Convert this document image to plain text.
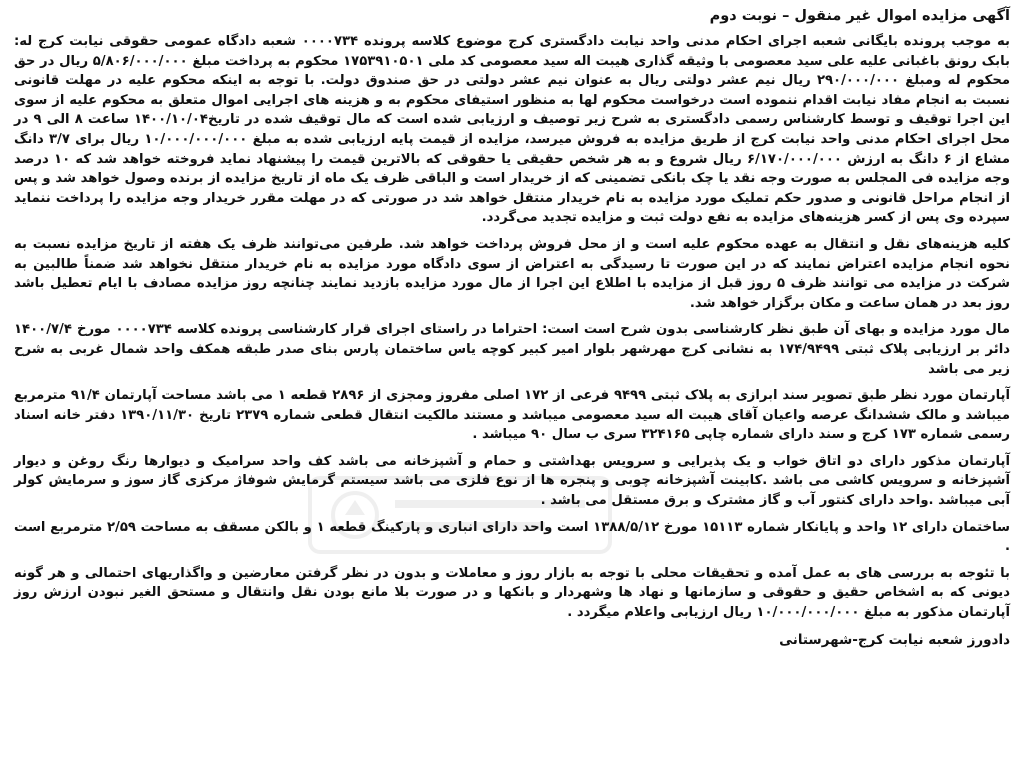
آگهی مزایده اموال غیر منقول – نوبت دوم

به موجب پرونده بایگانی شعبه اجرای احکام مدنی واحد نیابت دادگستری کرج موضوع کلاسه پرونده ۰۰۰۰۷۳۴ شعبه دادگاه عمومی حقوقی نیابت کرج له: بابک رونق باغبانی علیه علی سید معصومی با وثیقه گذاری هیبت اله سید معصومی کد ملی ۱۷۵۳۹۱۰۵۰۱ محکوم به پرداخت مبلغ ۵/۸۰۶/۰۰۰/۰۰۰ ریال در حق محکوم له ومبلغ ۲۹۰/۰۰۰/۰۰۰ ریال نیم عشر دولتی ریال به عنوان نیم عشر دولتی در حق صندوق دولت. با توجه به اینکه محکوم علیه در مهلت قانونی نسبت به انجام مفاد نیابت اقدام ننموده است درخواست محکوم لها به منظور استیفای محکوم به و هزینه های اجرایی اموال متعلق به محکوم علیه از سوی این اجرا توقیف و توسط کارشناس رسمی دادگستری به شرح زیر توصیف و ارزیابی شده است که مال توقیف شده در تاریخ۱۴۰۰/۱۰/۰۴ ساعت ۸ الی ۹ در محل اجرای احکام مدنی واحد نیابت کرج از طریق مزایده به فروش میرسد، مزایده از قیمت پایه ارزیابی شده به مبلغ ۱۰/۰۰۰/۰۰۰/۰۰۰ ریال برای ۳/۷ دانگ مشاع از ۶ دانگ به ارزش ۶/۱۷۰/۰۰۰/۰۰۰ ریال شروع و به هر شخص حقیقی یا حقوقی که بالاترین قیمت را پیشنهاد نماید فروخته خواهد شد که ۱۰ درصد وجه مزایده فی المجلس به صورت وجه نقد یا چک بانکی تضمینی که از خریدار است و الباقی ظرف یک ماه از تاریخ مزایده از برنده وصول خواهد شد و پس از انجام مراحل قانونی و صدور حکم تملیک مورد مزایده به نام خریدار منتقل خواهد شد در صورتی که در مهلت مقرر خریدار وجه مزایده را پرداخت ننماید سپرده وی پس از کسر هزینه‌های مزایده به نفع دولت ثبت و مزایده تجدید می‌گردد.

کلیه هزینه‌های نقل و انتقال به عهده محکوم علیه است و از محل فروش پرداخت خواهد شد. طرفین می‌توانند ظرف یک هفته از تاریخ مزایده نسبت به نحوه انجام مزایده اعتراض نمایند که در این صورت تا رسیدگی به اعتراض از سوی دادگاه مورد مزایده به نام خریدار منتقل نخواهد شد ضمناً طالبین به شرکت در مزایده می توانند ظرف ۵ روز قبل از مزایده با اطلاع این اجرا از مال مورد مزایده بازدید نمایند چنانچه روز مزایده مصادف با ایام تعطیل باشد روز بعد در همان ساعت و مکان برگزار خواهد شد.

مال مورد مزایده و بهای آن طبق نظر کارشناسی بدون شرح است است: احتراما در راستای اجرای قرار کارشناسی پرونده کلاسه ۰۰۰۰۷۳۴ مورخ ۱۴۰۰/۷/۴ دائر بر ارزیابی پلاک ثبتی ۱۷۴/۹۴۹۹ به نشانی کرج مهرشهر بلوار امیر کبیر کوچه یاس ساختمان پارس بنای صدر طبقه همکف واحد شمال غربی به شرح زیر می باشد

آپارتمان مورد نظر طبق تصویر سند ابرازی به پلاک ثبتی ۹۴۹۹ فرعی از ۱۷۲ اصلی مفروز ومجزی از ۲۸۹۶ قطعه ۱ می باشد مساحت آپارتمان ۹۱/۴ مترمربع میباشد و مالک ششدانگ عرصه واعیان آقای هیبت اله سید معصومی میباشد و مستند مالکیت انتقال قطعی شماره ۲۳۷۹ تاریخ ۱۳۹۰/۱۱/۳۰ دفتر خانه اسناد رسمی شماره ۱۷۳ کرج و سند دارای شماره چاپی ۳۲۴۱۶۵ سری ب سال ۹۰ میباشد .

آپارتمان مذکور دارای دو اتاق خواب و یک پذیرایی و سرویس بهداشتی و حمام و آشپزخانه می باشد کف واحد سرامیک و دیوارها رنگ روغن و دیوار آشپزخانه و سرویس کاشی می باشد .کابینت آشپزخانه چوبی و پنجره ها از نوع فلزی می باشد سیستم گرمایش شوفاژ مرکزی گاز سوز و سرمایش کولر آبی میباشد .واحد دارای کنتور آب و گاز مشترک و برق مستقل می باشد .

ساختمان دارای ۱۲ واحد و پایانکار شماره ۱۵۱۱۳ مورخ ۱۳۸۸/۵/۱۲ است واحد دارای انباری و پارکینگ قطعه ۱ و بالکن مسقف به مساحت ۲/۵۹ مترمربع است .

با تئوجه به بررسی های به عمل آمده و تحقیقات محلی با توجه به بازار روز و معاملات و بدون در نظر گرفتن معارضین و واگذاریهای احتمالی و هر گونه دیونی که به اشخاص حقیق و حقوقی و سازمانها و نهاد ها وشهردار و بانکها و در صورت بلا مانع بودن نقل وانتقال و مستحق الغیر نبودن ارزش روز آپارتمان مذکور به مبلغ ۱۰/۰۰۰/۰۰۰/۰۰۰ ریال ارزیابی واعلام میگردد .

دادورز شعبه نیابت کرج-شهرستانی
